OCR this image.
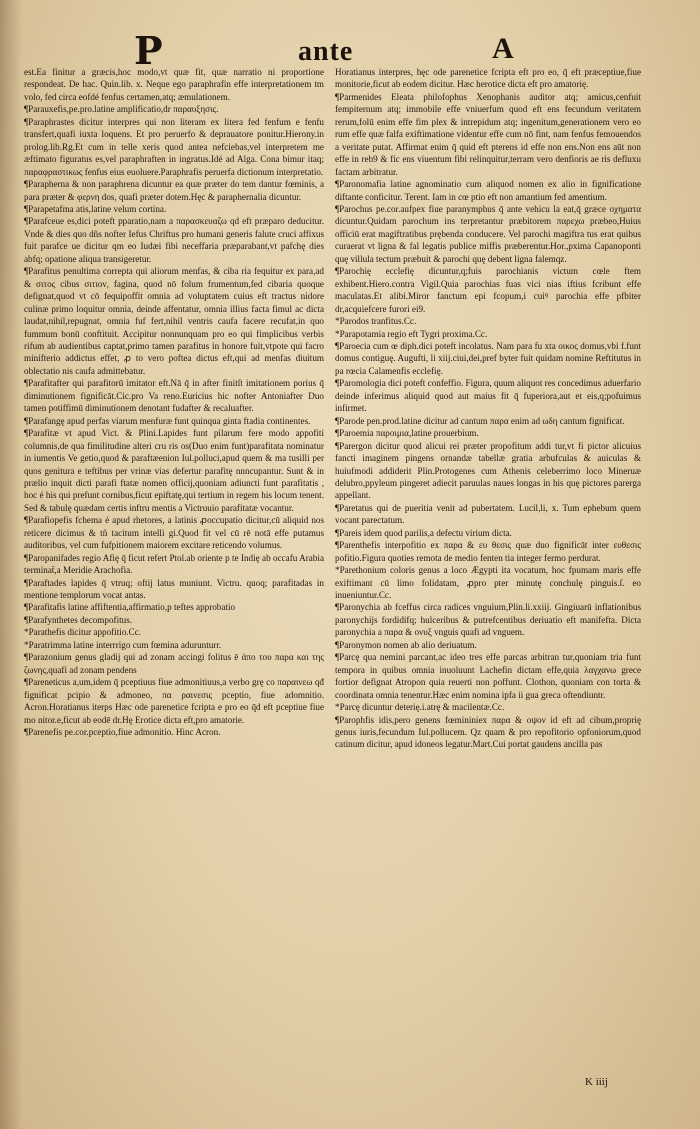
P	ante	A

est.Ea finitur a græcis,hoc modo,vt quæ fit, quæ narratio ni proportione respondeat. De hac. Quin.lib. x. Neque ego paraphrafin effe interpretationem tm volo, fed circa eofdé fenfus certamen,atq; æmulationem.

¶Parauxefis,pe.pro.latine amplificatio,dr παραυξησις.

¶Paraphrastes dicitur interpres qui non literam ex litera fed fenfum e fenfu transfert,quafi iuxta loquens. Et pro peruerfo & deprauatore ponitur.Hierony.in prolog.lib.Rg.Et cum in telle xeris quod antea nefciebas,vel interpretem me æftimato figuratus es,vel paraphraften in ingratus.Idé ad Alga. Cona bimur itaq; παραφραστικως fenfus eius euoluere.Paraphrafis peruerfa dictionum interpretatio.

¶Parapherna & non paraphrena dicuntur ea quæ præter do tem dantur fœminis, a para præter & φερνη dos, quafi præter dotem.Hęc & paraphernalia dicuntur.

¶Parapetafma atis,latine velum cortina.

¶Parafceue es,dici poteft pparatio,nam a παρασκευαζω qd eft præparo deducitur. Vnde & dies quo dñs nofter Iefus Chriftus pro humani generis falute cruci affixus fuit parafce ue dicitur qm eo Iudæi fibi neceffaria præparabant,vt pafchę dies abfq; opatione aliqua transigeretur.

¶Parafitus penultima correpta qui aliorum menfas, & ciba ria fequitur ex para,ad & σιτος cibus σιτιον, fagina, quod nō folum frumentum,fed cibaria quoque defignat,quod vt cō fequipoffit omnia ad voluptatem cuius eft tractus nidore culinæ primo loquitur omnia, deinde affentatur, omnia illius facta fimul ac dicta laudat,nihil,repugnat, omnia fuf fert,nihil ventris caufa facere recufat,in quo fummum bonū conftituit. Accipitur nonnunquam pro eo qui fimplicibus verbis rifum ab audientibus captat,primo tamen parafitus in honore fuit,vtpote qui facro minifterio addictus effet, ꝓ to vero poftea dictus eft,qui ad menfas diuitum oblectatio nis caufa admittebatur.

¶Parafitafter qui parafitorū imitator eft.Nā q̄ in after finitſt imitationem porius q̄ diminutionem fignificāt.Cic.pro Va reno.Euricius hic nofter Antoniafter Duo tamen potiffimū diminutionem denotant fudafter & recaluafter.

¶Parafangę apud perfas viarum menfuræ funt quinqua ginta ftadia continentes.

¶Parafitæ vt apud Vict. & Plini.Lapides funt pilarum fere modo appofiti columnis,de qua fimilitudine alteri cru ris os(Duo enim funt)parafitata nominatur in iumentis Ve getio,quod & paraftæenion Iul.polluci,apud quem & ma tusilli per quos genitura e teftibus per vrinæ vias defertur parafitę nnncupantur. Sunt & in prælio inquit dicti parafi ftatæ nomen officij,quoniam adiuncti funt parafitatis , hoc é his qui prefunt cornibus,ficut epiftatę,qui tertium in regem his locum tenent. Sed & tabulę quædam certis inftru mentis a Victruuio parafitatæ vocantur.

¶Parafiopefis fchema é apud rhetores, a latinis ꝓoccupatio dicitur,cū aliquid nos reticere dicimus & tñ tacitum intelli gi.Quod fit vel cū rē notā effe putamus auditoribus, vel cum fufpitionem maiorem excitare reticendo volumus.

¶Paropanifades regio Afię q̄ ficut refert Ptol.ab oriente p te Indię ab occafu Arabia terminat̄,a Meridie Arachofia.

¶Paraftades lapides q̄ vtruq; oftij latus muniunt. Victru. quoq; parafitadas in mentione templorum vocat antas.

¶Parafitafis latine affiftentia,affirmatio,p teftes approbatio

¶Parafynthetes decompofitus.

*Parathefis dicitur appofitio.Cc.

*Paratrimma latine interrrigo cum fœmina adurunturr.

¶Parazonium genus gladij qui ad zonam accingi folitus ē ἀπο του παρα και της ζωνης,quafi ad zonam pendens

¶Pareneticus a,um,idem q̄ pceptiuus fiue admonitiuus,a verbo grę co παραινεω qđ fignificat pcipio & admoneo, πα ραινεσις pceptio, fiue adomnitio. Acron.Horatianus iterps Hæc ode parenetice fcripta e pro eo q̄d eft pceptiue fiue mo nitor.e,ficut ab eodē dr.Hę Erotice dicta eft,pro amatorie.

¶Parenefis pe.cor.pceptio,fiue admonitio. Hinc Acron.

Horatianus interpres, hęc ode parenetice fcripta eft pro eo, q̄ eft præceptiue,fiue monitorie,ficut ab eodem dicitur. Hæc herotice dicta eft pro amatorię.

¶Parmenides Eleata philofophus Xenophanis auditor atq; amicus,cenfuit fempiternum atq; immobile effe vniuerfum quod eft ens fecundum veritatem rerum,folū enim effe fim plex & intrepidum atq; ingenitum,generationem vero eo rum effe quæ falfa exiftimatione videntur effe cum nō fint, nam fenfus femouendos a veritate putat. Affirmat enim q̄ quid eft pterens id effe non ens.Non ens aūt non effe in reb9 & fic ens viuentum fibi relinquitur,terram vero denfioris ae ris defluxu factam arbitratur.

¶Paronomafia latine agnominatio cum aliquod nomen ex alio in fignificatione diftante conficitur. Terent. Iam in cœ ptio eft non amantium fed amentium.

¶Parochus pe.cor.aufpex fiue paranymphus q̄ ante vehicu la eat,q̄ græce οχηματα dicuntur.Quidam parochum ins terpretantur præbitorem παρεχω præbeo,Huius officiū erat magiftratibus prębenda conducere. Vel parochi magiftra tus erat quibus curaerat vt ligna & fal legatis publice miffis præberentur.Hor.,pxima Capanoponti quę villula tectum præbuit & parochi quę debent ligna falemqz.

¶Parochię ecclefię dicuntur,q;fuis parochianis victum cœle ftem exhibent.Hiero.contra Vigil.Quia parochias fuas vici nias iftius fcribunt effe maculatas.Et alibi.Miror fanctum epi fcopum,i cuiꝰ parochia effe pfbiter dr,acquiefcere furori ei9.

*Parodos tranfitus.Cc.

*Parapotamia regio eft Tygri proxima.Cc.

¶Paroecia cum œ diph.dici poteft incolatus. Nam para fu xta οικος domus,vbi f.funt domus contiguę. Augufti, li xiij.ciui,dei,pref byter fuit quidam nomine Reftitutus in pa rœcia Calamenfis ecclefię.

¶Paromologia dici poteft confeffio. Figura, quum aliquot res concedimus aduerfario deinde inferimus aliquid quod aut maius fit q̄ fuperiora,aut et eis,q;pofuimus infirmet.

¶Parode pen.prod.latine dicitur ad cantum παρα enim ad ωδη cantum fignificat.

¶Paroemia παροιμια,latine prouerbium.

¶Parergon dicitur quod alicui rei præter propofitum addi tur,vt fi pictor alicuius fancti imaginem pingens ornandæ tabellæ gratia arbufculas & auiculas & huiufmodi addiderit Plin.Protogenes cum Athenis celeberrimo loco Mineruæ delubro,ppyleum pingeret adiecit paruulas naues longas in his quę pictores parerga appellant.

¶Paretatus qui de pueritia venit ad pubertatem. Lucil,li, x. Tum ephebum quem vocant parectatum.

¶Pareis idem quod parilis,a defectu virium dicta.

¶Parenthefis interpofitio ex παρα & ευ θεσις quæ duo fignificāt inter ευθεσις pofitio.Figura quoties remota de medio fenten tia integer fermo perdurat.

*Parethonium coloris genus a loco Ægypti ita vocatum, hoc fpumam maris effe exiftimant cū limo folidatam, ꝓpro pter minutę conchulę pinguis.ſ. eo inueniuntur.Cc.

¶Paronychia ab fceffus circa radices vnguium,Plin.li.xxiij. Gingiuarū inflationibus paronychijs fordidifq; hulceribus & putrefcentibus deriuatio eft manifefta. Dicta paronychia a παρα & ονυξ vnguis quafi ad vnguem.

¶Paronymon nomen ab alio deriuatum.

¶Parcę qua nemini parcant,ac ideo tres effe parcas arbitran tur,quoniam tria funt tempora in quibus omnia inuoluunt Lachefin dictam effe,quia λαγχανω grece fortior defignat Atropon quia reuerti non poffunt. Clothon, quoniam con torta & coordinata omnia tenentur.Hæc enim nomina ipfa ii gua greca oftendiuntr.

*Parcę dicuntur deterię.i.atrę & macilentæ.Cc.

¶Parophfis idis,pero genens fœmininiex παρα & οψον id eft ad cibum,proprię genus iuris,fecundum Iul.pollucem. Qz quam & pro repofitorio opfoniorum,quod catinum dicitur, apud idoneos legatur.Mart.Cui portat gaudens ancilla pas

K iiij
